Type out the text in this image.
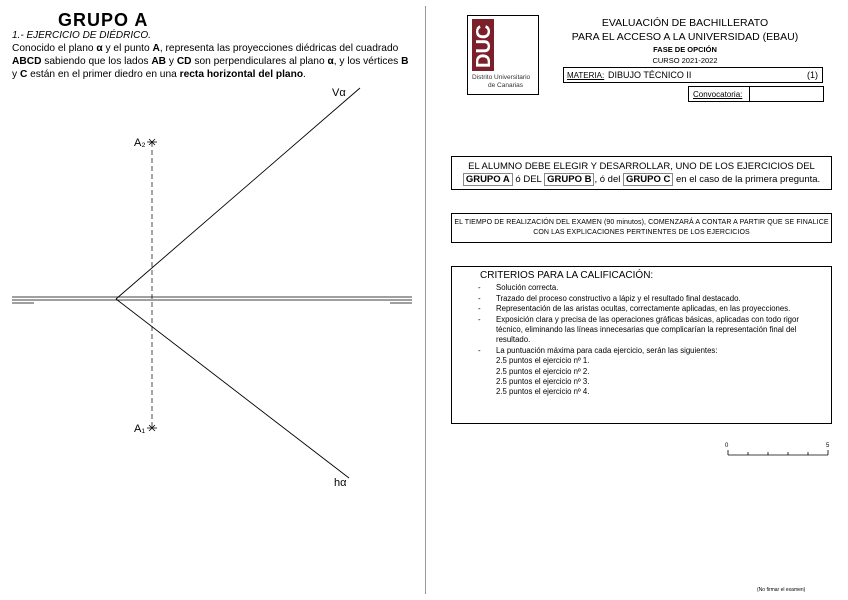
GRUPO A
1.- EJERCICIO DE DIÉDRICO.
Conocido el plano α y el punto A, representa las proyecciones diédricas del cuadrado ABCD sabiendo que los lados AB y CD son perpendiculares al plano α, y los vértices B y C están en el primer diedro en una recta horizontal del plano.
Vα
hα
A₂
A₁
DUC
Distrito Universitario
de Canarias
EVALUACIÓN DE BACHILLERATO
PARA EL ACCESO A LA UNIVERSIDAD (EBAU)
FASE DE OPCIÓN
CURSO 2021-2022
MATERIA: DIBUJO TÉCNICO II	(1)
Convocatoria:
EL ALUMNO DEBE ELEGIR Y DESARROLLAR, UNO DE LOS EJERCICIOS DEL GRUPO A ó DEL GRUPO B , ó del GRUPO C en el caso de la primera pregunta.
EL TIEMPO DE REALIZACIÓN DEL EXAMEN (90 minutos), COMENZARÁ A CONTAR A PARTIR QUE SE FINALICE CON LAS EXPLICACIONES PERTINENTES DE LOS EJERCICIOS
CRITERIOS PARA LA CALIFICACIÓN:
- Solución correcta.
- Trazado del proceso constructivo a lápiz y el resultado final destacado.
- Representación de las aristas ocultas, correctamente aplicadas, en las proyecciones.
- Exposición clara y precisa de las operaciones gráficas básicas, aplicadas con todo rigor técnico, eliminando las líneas innecesarias que complicarían la representación final del resultado.
- La puntuación máxima para cada ejercicio, serán las siguientes:
2.5 puntos el ejercicio nº 1.
2.5 puntos el ejercicio nº 2.
2.5 puntos el ejercicio nº 3.
2.5 puntos el ejercicio nº 4.
0	5
(No firmar el examen)
